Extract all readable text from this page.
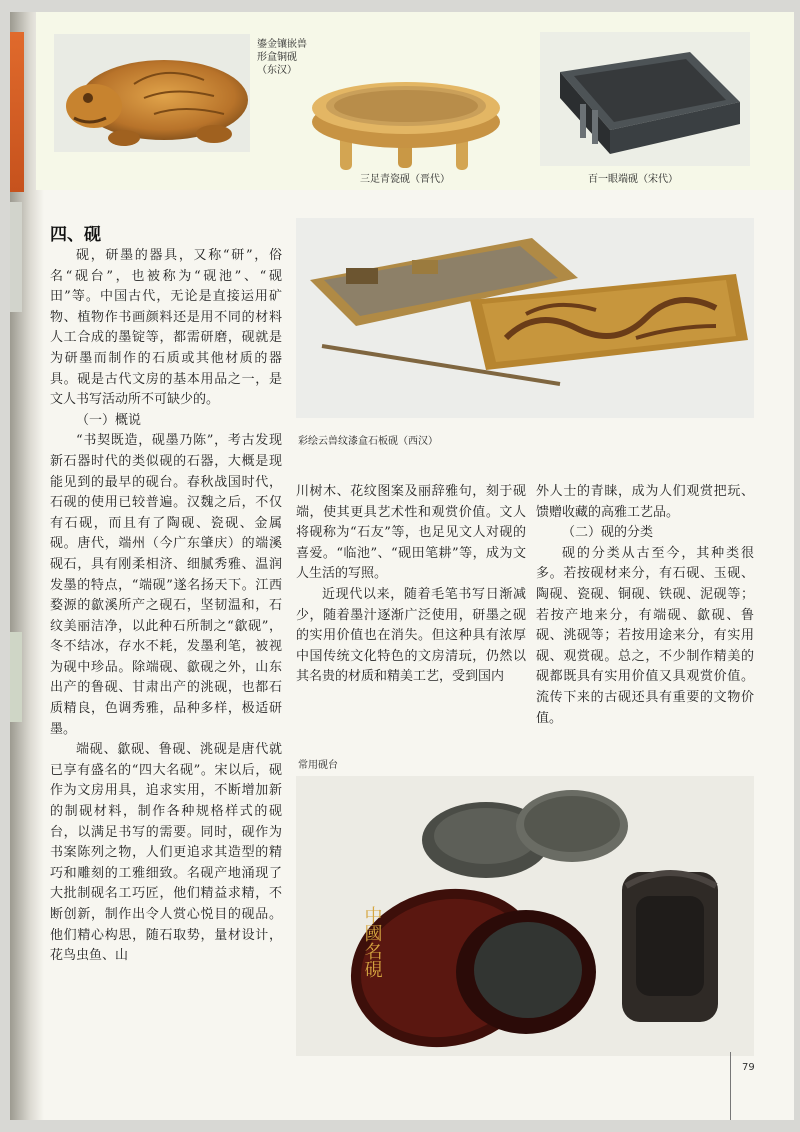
鎏金镶嵌兽
形盒铜砚
（东汉）
三足青瓷砚（晋代）	百一眼端砚（宋代）
四、砚
彩绘云兽纹漆盒石板砚（西汉）

砚，研墨的器具，又称“研”，俗名“砚台”，也被称为“砚池”、“砚田”等。中国古代，无论是直接运用矿物、植物作书画颜料还是用不同的材料人工合成的墨锭等，都需研磨，砚就是为研墨而制作的石质或其他材质的器具。砚是古代文房的基本用品之一，是文人书写活动所不可缺少的。

（一）概说

“书契既造，砚墨乃陈”，考古发现新石器时代的类似砚的石器，大概是现能见到的最早的砚台。春秋战国时代，石砚的使用已较普遍。汉魏之后，不仅有石砚，而且有了陶砚、瓷砚、金属砚。唐代，端州（今广东肇庆）的端溪砚石，具有刚柔相济、细腻秀雅、温润发墨的特点，“端砚”遂名扬天下。江西婺源的歙溪所产之砚石，坚韧温和，石纹美丽洁净，以此种石所制之“歙砚”，冬不结冰，存水不耗，发墨利笔，被视为砚中珍品。除端砚、歙砚之外，山东出产的鲁砚、甘肃出产的洮砚，也都石质精良，色调秀雅，品种多样，极适研墨。

端砚、歙砚、鲁砚、洮砚是唐代就已享有盛名的“四大名砚”。宋以后，砚作为文房用具，追求实用，不断增加新的制砚材料，制作各种规格样式的砚台，以满足书写的需要。同时，砚作为书案陈列之物，人们更追求其造型的精巧和雕刻的工雅细致。名砚产地涌现了大批制砚名工巧匠，他们精益求精，不断创新，制作出令人赏心悦目的砚品。他们精心构思，随石取势，量材设计，花鸟虫鱼、山

川树木、花纹图案及丽辞雅句，刻于砚端，使其更具艺术性和观赏价值。文人将砚称为“石友”等，也足见文人对砚的喜爱。“临池”、“砚田笔耕”等，成为文人生活的写照。

近现代以来，随着毛笔书写日渐减少，随着墨汁逐渐广泛使用，研墨之砚的实用价值也在消失。但这种具有浓厚中国传统文化特色的文房清玩，仍然以其名贵的材质和精美工艺，受到国内

外人士的青睐，成为人们观赏把玩、馈赠收藏的高雅工艺品。

（二）砚的分类

砚的分类从古至今，其种类很多。若按砚材来分，有石砚、玉砚、陶砚、瓷砚、铜砚、铁砚、泥砚等；若按产地来分，有端砚、歙砚、鲁砚、洮砚等；若按用途来分，有实用砚、观赏砚。总之，不少制作精美的砚都既具有实用价值又具观赏价值。流传下来的古砚还具有重要的文物价值。

常用砚台
中國名硯
79
